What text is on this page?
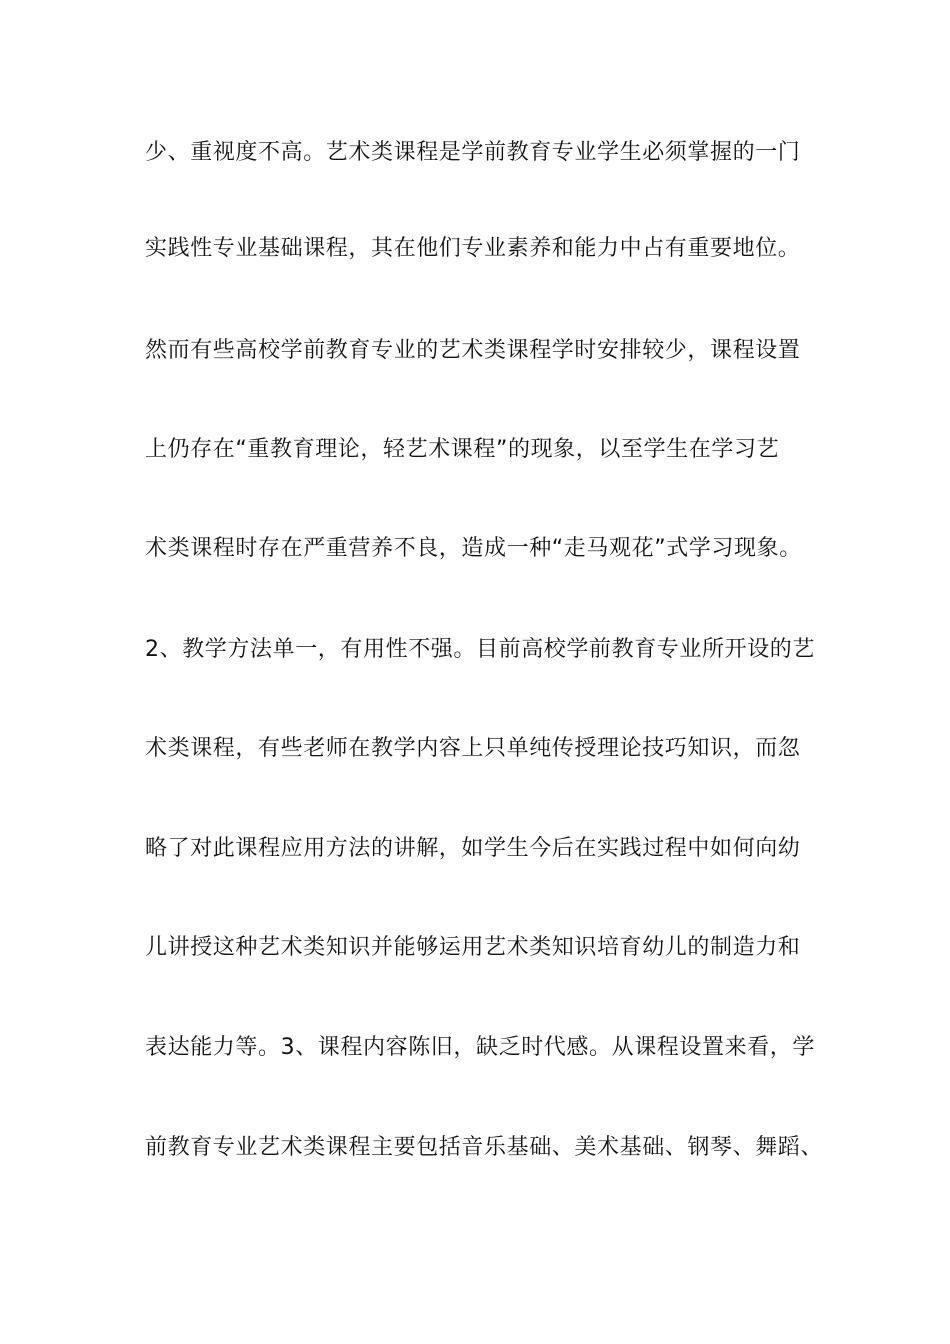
少、重视度不高。艺术类课程是学前教育专业学生必须掌握的一门

实践性专业基础课程，其在他们专业素养和能力中占有重要地位。

然而有些高校学前教育专业的艺术类课程学时安排较少，课程设置

上仍存在“重教育理论，轻艺术课程”的现象，以至学生在学习艺

术类课程时存在严重营养不良，造成一种“走马观花”式学习现象。

2、教学方法单一，有用性不强。目前高校学前教育专业所开设的艺

术类课程，有些老师在教学内容上只单纯传授理论技巧知识，而忽

略了对此课程应用方法的讲解，如学生今后在实践过程中如何向幼

儿讲授这种艺术类知识并能够运用艺术类知识培育幼儿的制造力和

表达能力等。3、课程内容陈旧，缺乏时代感。从课程设置来看，学

前教育专业艺术类课程主要包括音乐基础、美术基础、钢琴、舞蹈、
